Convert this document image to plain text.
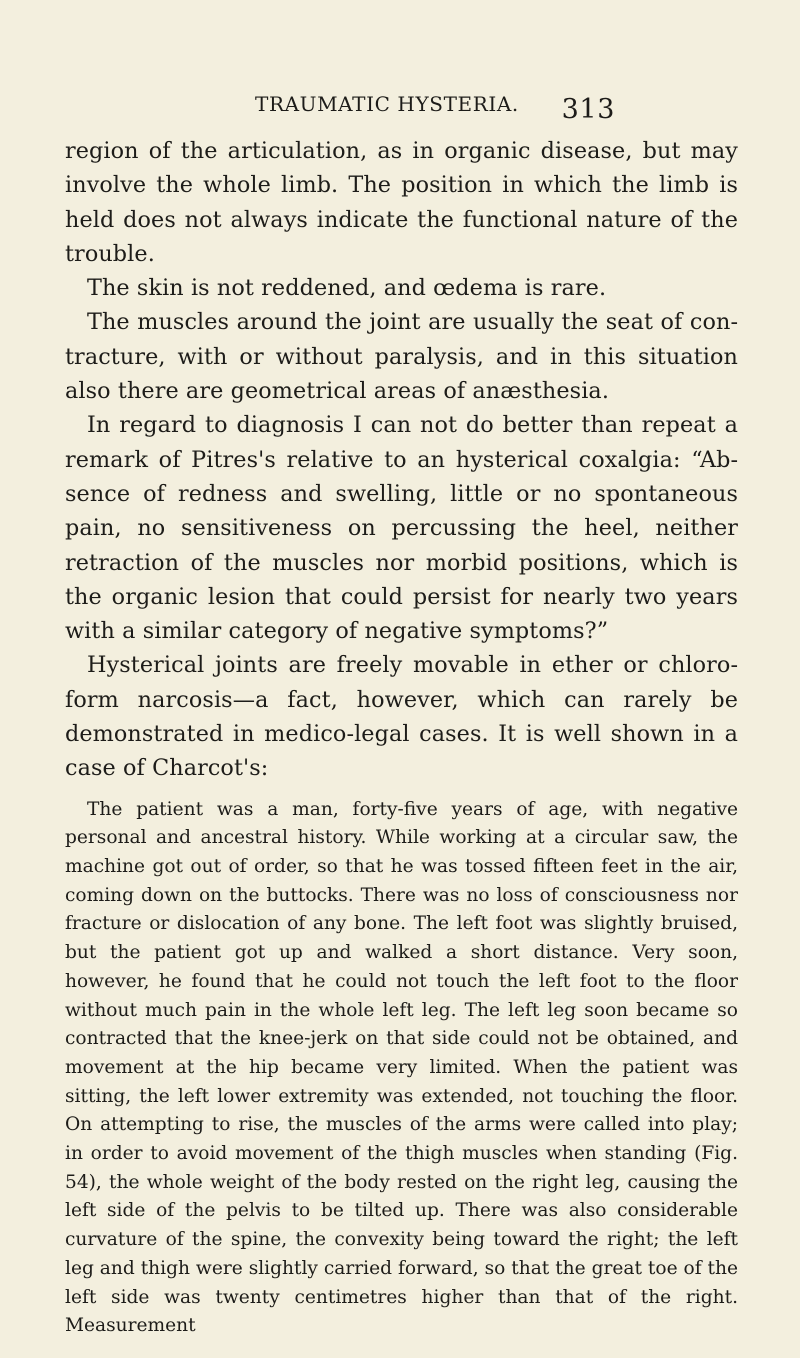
TRAUMATIC HYSTERIA. 313

region of the articulation, as in organic disease, but may involve the whole limb. The position in which the limb is held does not always indicate the functional nature of the trouble.

The skin is not reddened, and œdema is rare.

The muscles around the joint are usually the seat of contracture, with or without paralysis, and in this situation also there are geometrical areas of anæsthesia.

In regard to diagnosis I can not do better than repeat a remark of Pitres's relative to an hysterical coxalgia: “Absence of redness and swelling, little or no spontaneous pain, no sensitiveness on percussing the heel, neither retraction of the muscles nor morbid positions, which is the organic lesion that could persist for nearly two years with a similar category of negative symptoms?”

Hysterical joints are freely movable in ether or chloroform narcosis—a fact, however, which can rarely be demonstrated in medico-legal cases. It is well shown in a case of Charcot's:

The patient was a man, forty-five years of age, with negative personal and ancestral history. While working at a circular saw, the machine got out of order, so that he was tossed fifteen feet in the air, coming down on the buttocks. There was no loss of consciousness nor fracture or dislocation of any bone. The left foot was slightly bruised, but the patient got up and walked a short distance. Very soon, however, he found that he could not touch the left foot to the floor without much pain in the whole left leg. The left leg soon became so contracted that the knee-jerk on that side could not be obtained, and movement at the hip became very limited. When the patient was sitting, the left lower extremity was extended, not touching the floor. On attempting to rise, the muscles of the arms were called into play; in order to avoid movement of the thigh muscles when standing (Fig. 54), the whole weight of the body rested on the right leg, causing the left side of the pelvis to be tilted up. There was also considerable curvature of the spine, the convexity being toward the right; the left leg and thigh were slightly carried forward, so that the great toe of the left side was twenty centimetres higher than that of the right. Measurement
